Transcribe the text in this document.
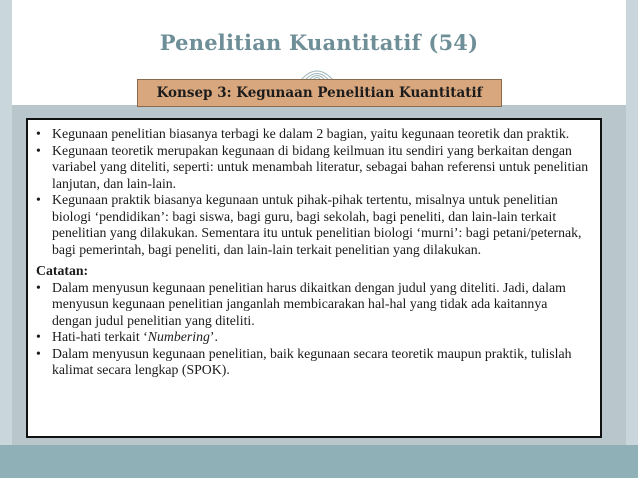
Penelitian Kuantitatif (54)
Konsep 3: Kegunaan Penelitian Kuantitatif
• Kegunaan penelitian biasanya terbagi ke dalam 2 bagian, yaitu kegunaan teoretik dan praktik.
• Kegunaan teoretik merupakan kegunaan di bidang keilmuan itu sendiri yang berkaitan dengan variabel yang diteliti, seperti: untuk menambah literatur, sebagai bahan referensi untuk penelitian lanjutan, dan lain-lain.
• Kegunaan praktik biasanya kegunaan untuk pihak-pihak tertentu, misalnya untuk penelitian biologi ‘pendidikan’: bagi siswa, bagi guru, bagi sekolah, bagi peneliti, dan lain-lain terkait penelitian yang dilakukan. Sementara itu untuk penelitian biologi ‘murni’: bagi petani/peternak, bagi pemerintah, bagi peneliti, dan lain-lain terkait penelitian yang dilakukan.
Catatan:
• Dalam menyusun kegunaan penelitian harus dikaitkan dengan judul yang diteliti. Jadi, dalam menyusun kegunaan penelitian janganlah membicarakan hal-hal yang tidak ada kaitannya dengan judul penelitian yang diteliti.
• Hati-hati terkait ‘Numbering’.
• Dalam menyusun kegunaan penelitian, baik kegunaan secara teoretik maupun praktik, tulislah kalimat secara lengkap (SPOK).
